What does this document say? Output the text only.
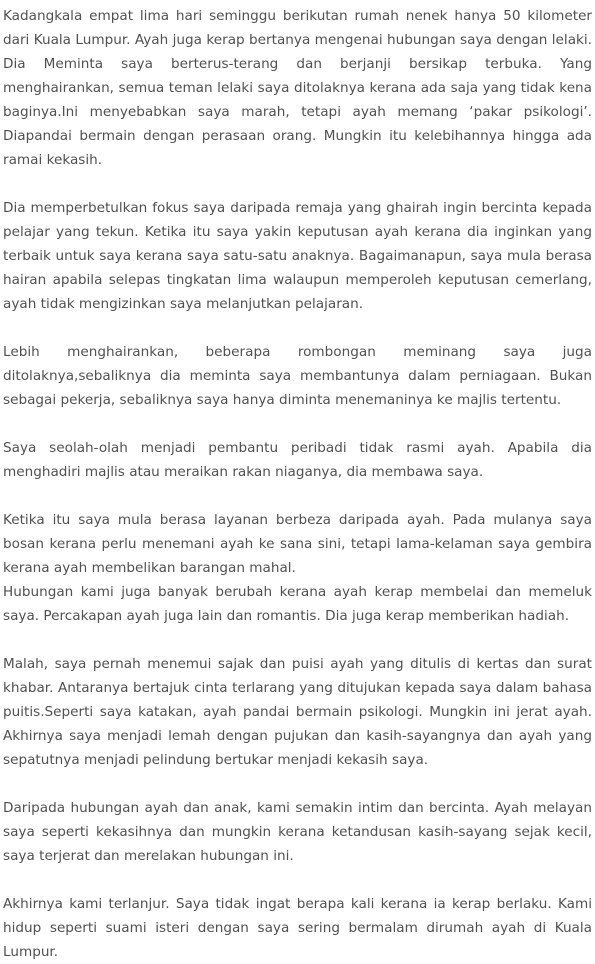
Kadangkala empat lima hari seminggu berikutan rumah nenek hanya 50 kilometer dari Kuala Lumpur. Ayah juga kerap bertanya mengenai hubungan saya dengan lelaki. Dia Meminta saya berterus-terang dan berjanji bersikap terbuka. Yang menghairankan, semua teman lelaki saya ditolaknya kerana ada saja yang tidak kena baginya.Ini menyebabkan saya marah, tetapi ayah memang ‘pakar psikologi’. Diapandai bermain dengan perasaan orang. Mungkin itu kelebihannya hingga ada ramai kekasih.

Dia memperbetulkan fokus saya daripada remaja yang ghairah ingin bercinta kepada pelajar yang tekun. Ketika itu saya yakin keputusan ayah kerana dia inginkan yang terbaik untuk saya kerana saya satu-satu anaknya. Bagaimanapun, saya mula berasa hairan apabila selepas tingkatan lima walaupun memperoleh keputusan cemerlang, ayah tidak mengizinkan saya melanjutkan pelajaran.

Lebih menghairankan, beberapa rombongan meminang saya juga ditolaknya,sebaliknya dia meminta saya membantunya dalam perniagaan. Bukan sebagai pekerja, sebaliknya saya hanya diminta menemaninya ke majlis tertentu.

Saya seolah-olah menjadi pembantu peribadi tidak rasmi ayah. Apabila dia menghadiri majlis atau meraikan rakan niaganya, dia membawa saya.

Ketika itu saya mula berasa layanan berbeza daripada ayah. Pada mulanya saya bosan kerana perlu menemani ayah ke sana sini, tetapi lama-kelaman saya gembira kerana ayah membelikan barangan mahal.
Hubungan kami juga banyak berubah kerana ayah kerap membelai dan memeluk saya. Percakapan ayah juga lain dan romantis. Dia juga kerap memberikan hadiah.

Malah, saya pernah menemui sajak dan puisi ayah yang ditulis di kertas dan surat khabar. Antaranya bertajuk cinta terlarang yang ditujukan kepada saya dalam bahasa puitis.Seperti saya katakan, ayah pandai bermain psikologi. Mungkin ini jerat ayah. Akhirnya saya menjadi lemah dengan pujukan dan kasih-sayangnya dan ayah yang sepatutnya menjadi pelindung bertukar menjadi kekasih saya.

Daripada hubungan ayah dan anak, kami semakin intim dan bercinta. Ayah melayan saya seperti kekasihnya dan mungkin kerana ketandusan kasih-sayang sejak kecil, saya terjerat dan merelakan hubungan ini.

Akhirnya kami terlanjur. Saya tidak ingat berapa kali kerana ia kerap berlaku. Kami hidup seperti suami isteri dengan saya sering bermalam dirumah ayah di Kuala Lumpur.
